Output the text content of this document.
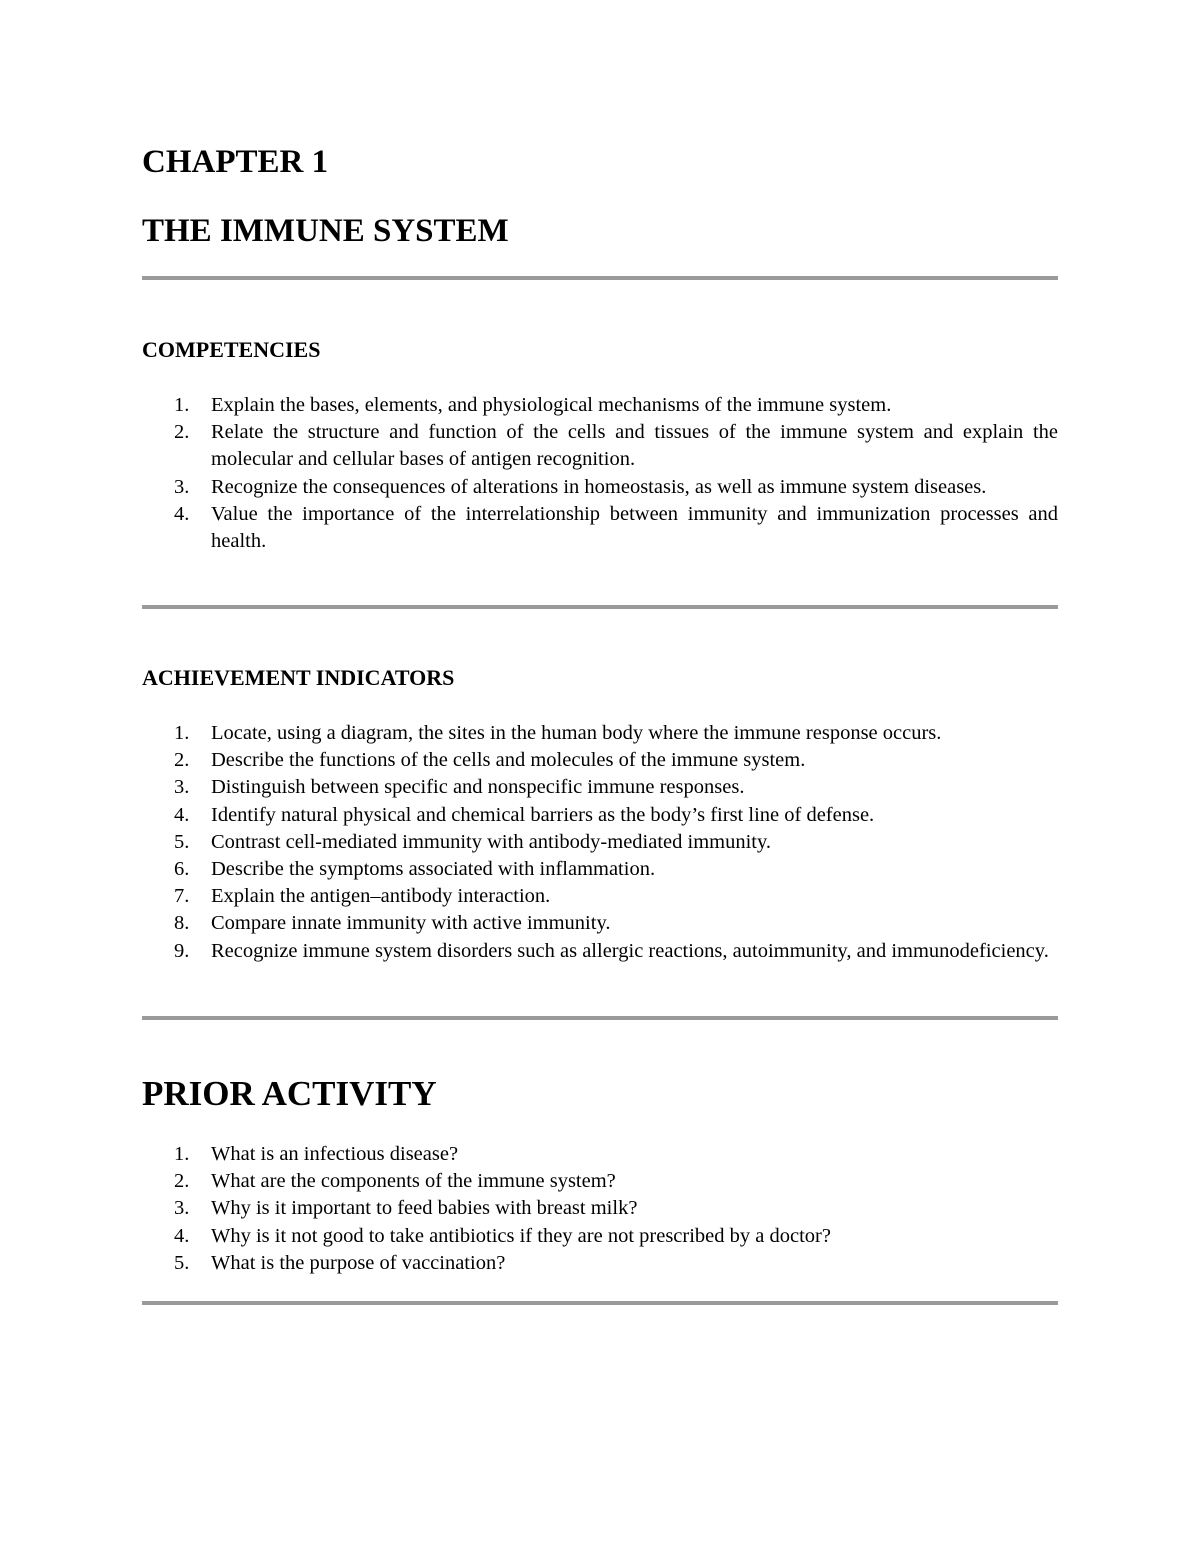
CHAPTER 1
THE IMMUNE SYSTEM
COMPETENCIES
1. Explain the bases, elements, and physiological mechanisms of the immune system.
2. Relate the structure and function of the cells and tissues of the immune system and explain the molecular and cellular bases of antigen recognition.
3. Recognize the consequences of alterations in homeostasis, as well as immune system diseases.
4. Value the importance of the interrelationship between immunity and immunization processes and health.
ACHIEVEMENT INDICATORS
1. Locate, using a diagram, the sites in the human body where the immune response occurs.
2. Describe the functions of the cells and molecules of the immune system.
3. Distinguish between specific and nonspecific immune responses.
4. Identify natural physical and chemical barriers as the body’s first line of defense.
5. Contrast cell-mediated immunity with antibody-mediated immunity.
6. Describe the symptoms associated with inflammation.
7. Explain the antigen–antibody interaction.
8. Compare innate immunity with active immunity.
9. Recognize immune system disorders such as allergic reactions, autoimmunity, and immunodeficiency.
PRIOR ACTIVITY
1. What is an infectious disease?
2. What are the components of the immune system?
3. Why is it important to feed babies with breast milk?
4. Why is it not good to take antibiotics if they are not prescribed by a doctor?
5. What is the purpose of vaccination?
